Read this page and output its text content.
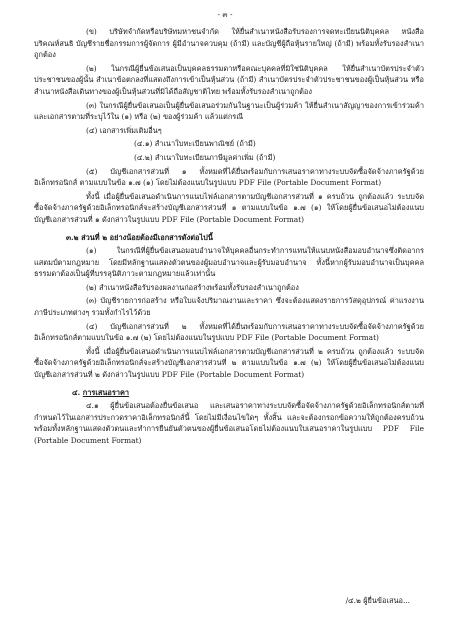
- ๓ -

(ข) บริษัทจำกัดหรือบริษัทมหาชนจำกัด ให้ยื่นสำเนาหนังสือรับรองการจดทะเบียนนิติบุคคล หนังสือบริคณห์สนธิ บัญชีรายชื่อกรรมการผู้จัดการ ผู้มีอำนาจควบคุม (ถ้ามี) และบัญชีผู้ถือหุ้นรายใหญ่ (ถ้ามี) พร้อมทั้งรับรองสำเนาถูกต้อง

(๒) ในกรณีผู้ยื่นข้อเสนอเป็นบุคคลธรรมดาหรือคณะบุคคลที่มิใช่นิติบุคคล ให้ยื่นสำเนาบัตรประจำตัวประชาชนของผู้นั้น สำเนาข้อตกลงที่แสดงถึงการเข้าเป็นหุ้นส่วน (ถ้ามี) สำเนาบัตรประจำตัวประชาชนของผู้เป็นหุ้นส่วน หรือสำเนาหนังสือเดินทางของผู้เป็นหุ้นส่วนที่มิได้ถือสัญชาติไทย พร้อมทั้งรับรองสำเนาถูกต้อง

(๓) ในกรณีผู้ยื่นข้อเสนอเป็นผู้ยื่นข้อเสนอร่วมกันในฐานะเป็นผู้ร่วมค้า ให้ยื่นสำเนาสัญญาของการเข้าร่วมค้า และเอกสารตามที่ระบุไว้ใน (๑) หรือ (๒) ของผู้ร่วมค้า แล้วแต่กรณี

(๔) เอกสารเพิ่มเติมอื่นๆ

(๔.๑) สำเนาใบทะเบียนพาณิชย์ (ถ้ามี)

(๔.๒) สำเนาใบทะเบียนภาษีมูลค่าเพิ่ม (ถ้ามี)

(๕) บัญชีเอกสารส่วนที่ ๑ ทั้งหมดที่ได้ยื่นพร้อมกับการเสนอราคาทางระบบจัดซื้อจัดจ้างภาครัฐด้วยอิเล็กทรอนิกส์ ตามแบบในข้อ ๑.๗ (๑) โดยไม่ต้องแนบในรูปแบบ PDF File (Portable Document Format)

ทั้งนี้ เมื่อผู้ยื่นข้อเสนอดำเนินการแนบไฟล์เอกสารตามบัญชีเอกสารส่วนที่ ๑ ครบถ้วน ถูกต้องแล้ว ระบบจัดซื้อจัดจ้างภาครัฐด้วยอิเล็กทรอนิกส์จะสร้างบัญชีเอกสารส่วนที่ ๑ ตามแบบในข้อ ๑.๗ (๑) ให้โดยผู้ยื่นข้อเสนอไม่ต้องแนบบัญชีเอกสารส่วนที่ ๑ ดังกล่าวในรูปแบบ PDF File (Portable Document Format)

๓.๒ ส่วนที่ ๒ อย่างน้อยต้องมีเอกสารดังต่อไปนี้

(๑) ในกรณีที่ผู้ยื่นข้อเสนอมอบอำนาจให้บุคคลอื่นกระทำการแทนให้แนบหนังสือมอบอำนาจซึ่งติดอากรแสตมป์ตามกฎหมาย โดยมีหลักฐานแสดงตัวตนของผู้มอบอำนาจและผู้รับมอบอำนาจ ทั้งนี้หากผู้รับมอบอำนาจเป็นบุคคลธรรมดาต้องเป็นผู้ที่บรรลุนิติภาวะตามกฎหมายแล้วเท่านั้น

(๒) สำเนาหนังสือรับรองผลงานก่อสร้างพร้อมทั้งรับรองสำเนาถูกต้อง

(๓) บัญชีรายการก่อสร้าง หรือใบแจ้งปริมาณงานและราคา ซึ่งจะต้องแสดงรายการวัสดุอุปกรณ์ ค่าแรงงาน ภาษีประเภทต่างๆ รวมทั้งกำไรไว้ด้วย

(๔) บัญชีเอกสารส่วนที่ ๒ ทั้งหมดที่ได้ยื่นพร้อมกับการเสนอราคาทางระบบจัดซื้อจัดจ้างภาครัฐด้วยอิเล็กทรอนิกส์ตามแบบในข้อ ๑.๗ (๒) โดยไม่ต้องแนบในรูปแบบ PDF File (Portable Document Format)

ทั้งนี้ เมื่อผู้ยื่นข้อเสนอดำเนินการแนบไฟล์เอกสารตามบัญชีเอกสารส่วนที่ ๒ ครบถ้วน ถูกต้องแล้ว ระบบจัดซื้อจัดจ้างภาครัฐด้วยอิเล็กทรอนิกส์จะสร้างบัญชีเอกสารส่วนที่ ๒ ตามแบบในข้อ ๑.๗ (๒) ให้โดยผู้ยื่นข้อเสนอไม่ต้องแนบบัญชีเอกสารส่วนที่ ๒ ดังกล่าวในรูปแบบ PDF File (Portable Document Format)

๔. การเสนอราคา

๔.๑ ผู้ยื่นข้อเสนอต้องยื่นข้อเสนอ และเสนอราคาทางระบบจัดซื้อจัดจ้างภาครัฐด้วยอิเล็กทรอนิกส์ตามที่กำหนดไว้ในเอกสารประกวดราคาอิเล็กทรอนิกส์นี้ โดยไม่มีเงื่อนไขใดๆ ทั้งสิ้น และจะต้องกรอกข้อความให้ถูกต้องครบถ้วน พร้อมทั้งหลักฐานแสดงตัวตนและทำการยืนยันตัวตนของผู้ยื่นข้อเสนอโดยไม่ต้องแนบใบเสนอราคาในรูปแบบ PDF File (Portable Document Format)

/๔.๒ ผู้ยื่นข้อเสนอ...
